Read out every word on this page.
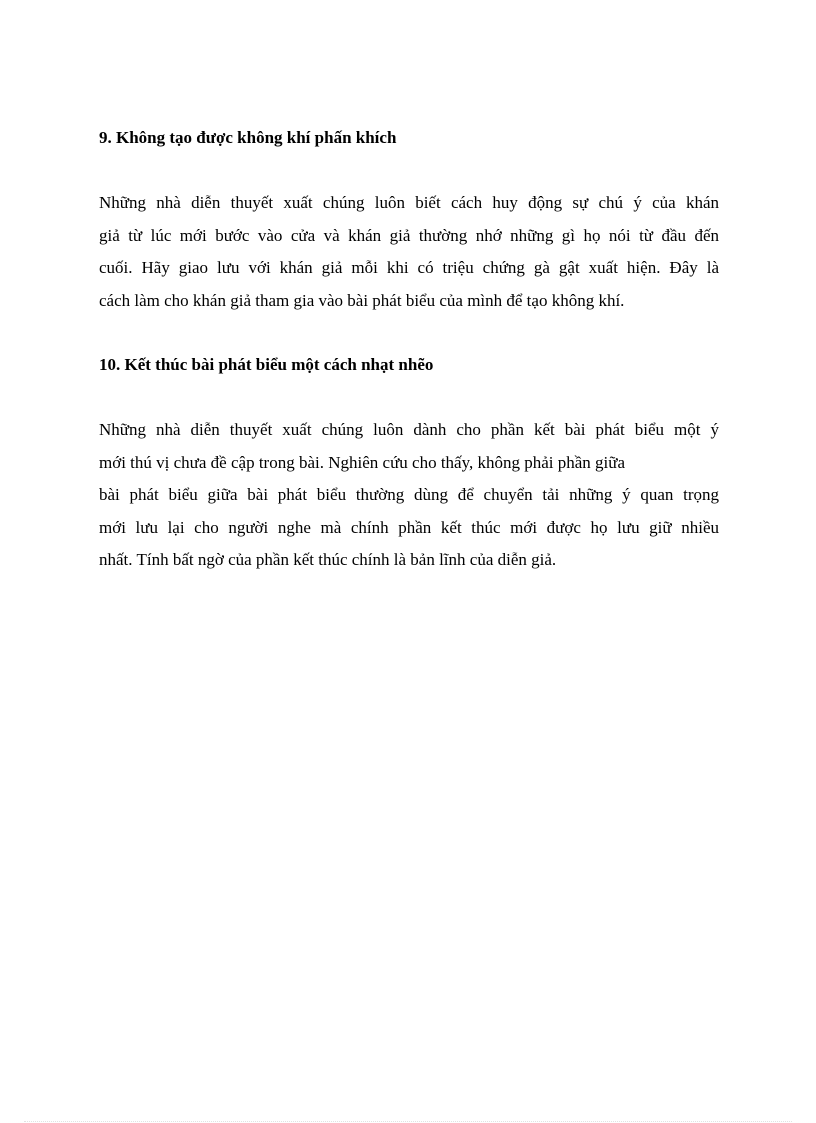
9. Không tạo được không khí phấn khích

Những nhà diễn thuyết xuất chúng luôn biết cách huy động sự chú ý của khán
giả từ lúc mới bước vào cửa và khán giả thường nhớ những gì họ nói từ đầu đến
cuối. Hãy giao lưu với khán giả mỗi khi có triệu chứng gà gật xuất hiện. Đây là
cách làm cho khán giả tham gia vào bài phát biểu của mình để tạo không khí.

10. Kết thúc bài phát biểu một cách nhạt nhẽo

Những nhà diễn thuyết xuất chúng luôn dành cho phần kết bài phát biểu một ý
mới thú vị chưa đề cập trong bài. Nghiên cứu cho thấy, không phải phần giữa
bài phát biểu giữa bài phát biểu thường dùng để chuyển tải những ý quan trọng
mới lưu lại cho người nghe mà chính phần kết thúc mới được họ lưu giữ nhiều
nhất. Tính bất ngờ của phần kết thúc chính là bản lĩnh của diễn giả.
